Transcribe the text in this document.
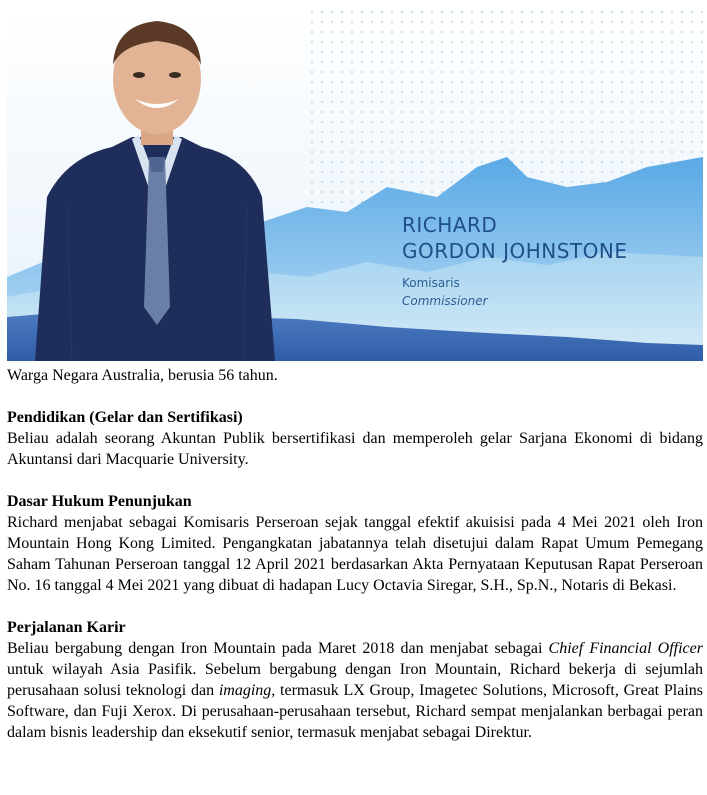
RICHARD
GORDON JOHNSTONE
Komisaris
Commissioner

Warga Negara Australia, berusia 56 tahun.

Pendidikan (Gelar dan Sertifikasi)

Beliau adalah seorang Akuntan Publik bersertifikasi dan memperoleh gelar Sarjana Ekonomi di bidang Akuntansi dari Macquarie University.

Dasar Hukum Penunjukan

Richard menjabat sebagai Komisaris Perseroan sejak tanggal efektif akuisisi pada 4 Mei 2021 oleh Iron Mountain Hong Kong Limited. Pengangkatan jabatannya telah disetujui dalam Rapat Umum Pemegang Saham Tahunan Perseroan tanggal 12 April 2021 berdasarkan Akta Pernyataan Keputusan Rapat Perseroan No. 16 tanggal 4 Mei 2021 yang dibuat di hadapan Lucy Octavia Siregar, S.H., Sp.N., Notaris di Bekasi.

Perjalanan Karir

Beliau bergabung dengan Iron Mountain pada Maret 2018 dan menjabat sebagai Chief Financial Officer untuk wilayah Asia Pasifik. Sebelum bergabung dengan Iron Mountain, Richard bekerja di sejumlah perusahaan solusi teknologi dan imaging, termasuk LX Group, Imagetec Solutions, Microsoft, Great Plains Software, dan Fuji Xerox. Di perusahaan-perusahaan tersebut, Richard sempat menjalankan berbagai peran dalam bisnis leadership dan eksekutif senior, termasuk menjabat sebagai Direktur.
